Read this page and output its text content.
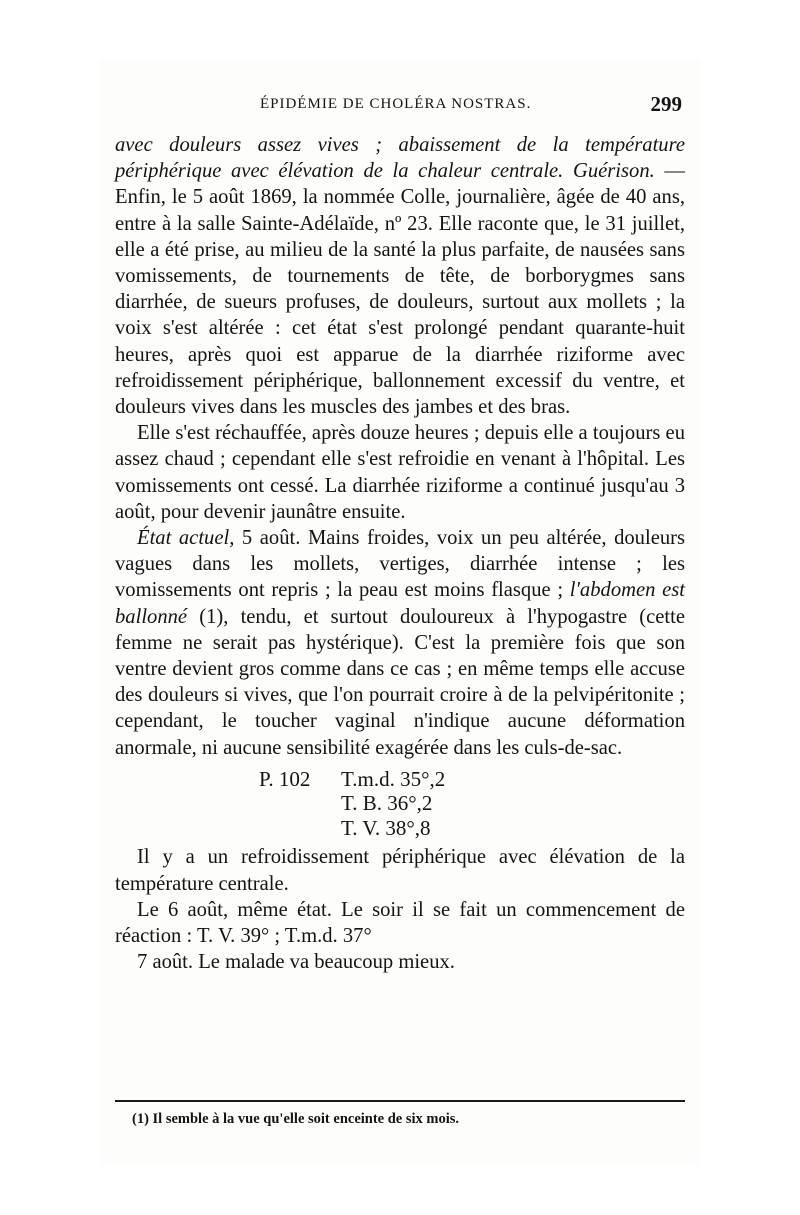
ÉPIDÉMIE DE CHOLÉRA NOSTRAS.	299

avec douleurs assez vives ; abaissement de la température périphérique avec élévation de la chaleur centrale. Guérison. — Enfin, le 5 août 1869, la nommée Colle, journalière, âgée de 40 ans, entre à la salle Sainte-Adélaïde, nº 23. Elle raconte que, le 31 juillet, elle a été prise, au milieu de la santé la plus parfaite, de nausées sans vomissements, de tournements de tête, de borborygmes sans diarrhée, de sueurs profuses, de douleurs, surtout aux mollets ; la voix s'est altérée : cet état s'est prolongé pendant quarante-huit heures, après quoi est apparue de la diarrhée riziforme avec refroidissement périphérique, ballonnement excessif du ventre, et douleurs vives dans les muscles des jambes et des bras.

Elle s'est réchauffée, après douze heures ; depuis elle a toujours eu assez chaud ; cependant elle s'est refroidie en venant à l'hôpital. Les vomissements ont cessé. La diarrhée riziforme a continué jusqu'au 3 août, pour devenir jaunâtre ensuite.

État actuel, 5 août. Mains froides, voix un peu altérée, douleurs vagues dans les mollets, vertiges, diarrhée intense ; les vomissements ont repris ; la peau est moins flasque ; l'abdomen est ballonné (1), tendu, et surtout douloureux à l'hypogastre (cette femme ne serait pas hystérique). C'est la première fois que son ventre devient gros comme dans ce cas ; en même temps elle accuse des douleurs si vives, que l'on pourrait croire à de la pelvipéritonite ; cependant, le toucher vaginal n'indique aucune déformation anormale, ni aucune sensibilité exagérée dans les culs-de-sac.

P. 102 T.m.d. 35°,2
T. B. 36°,2
T. V. 38°,8

Il y a un refroidissement périphérique avec élévation de la température centrale.

Le 6 août, même état. Le soir il se fait un commencement de réaction : T. V. 39° ; T.m.d. 37°

7 août. Le malade va beaucoup mieux.

(1) Il semble à la vue qu'elle soit enceinte de six mois.
